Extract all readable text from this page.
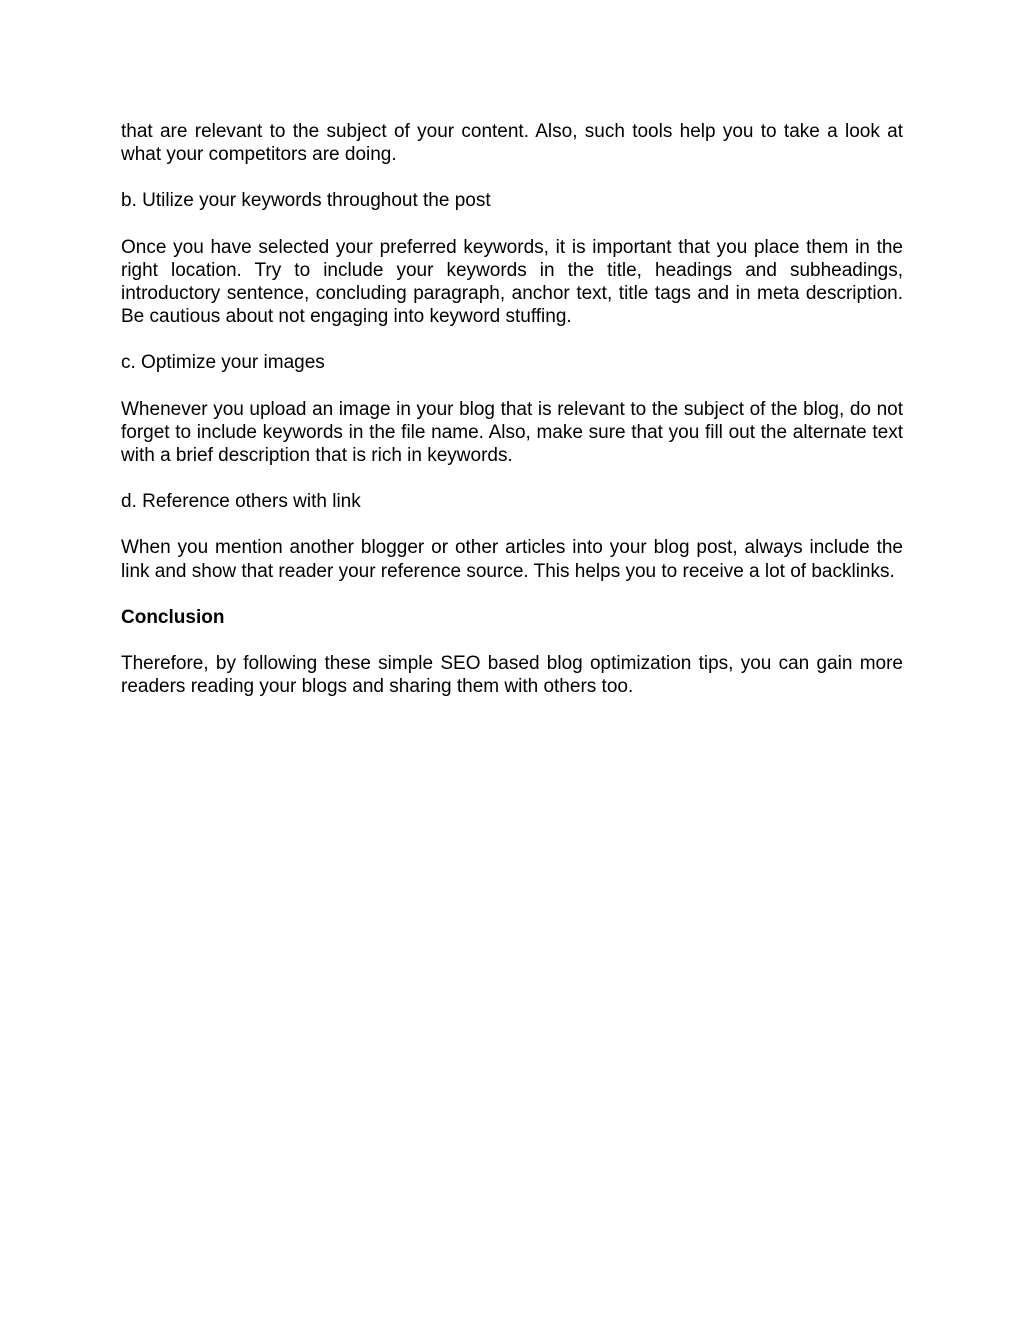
that are relevant to the subject of your content. Also, such tools help you to take a look at what your competitors are doing.

b. Utilize your keywords throughout the post

Once you have selected your preferred keywords, it is important that you place them in the right location. Try to include your keywords in the title, headings and subheadings, introductory sentence, concluding paragraph, anchor text, title tags and in meta description. Be cautious about not engaging into keyword stuffing.

c. Optimize your images

Whenever you upload an image in your blog that is relevant to the subject of the blog, do not forget to include keywords in the file name. Also, make sure that you fill out the alternate text with a brief description that is rich in keywords.

d. Reference others with link

When you mention another blogger or other articles into your blog post, always include the link and show that reader your reference source. This helps you to receive a lot of backlinks.

Conclusion

Therefore, by following these simple SEO based blog optimization tips, you can gain more readers reading your blogs and sharing them with others too.
